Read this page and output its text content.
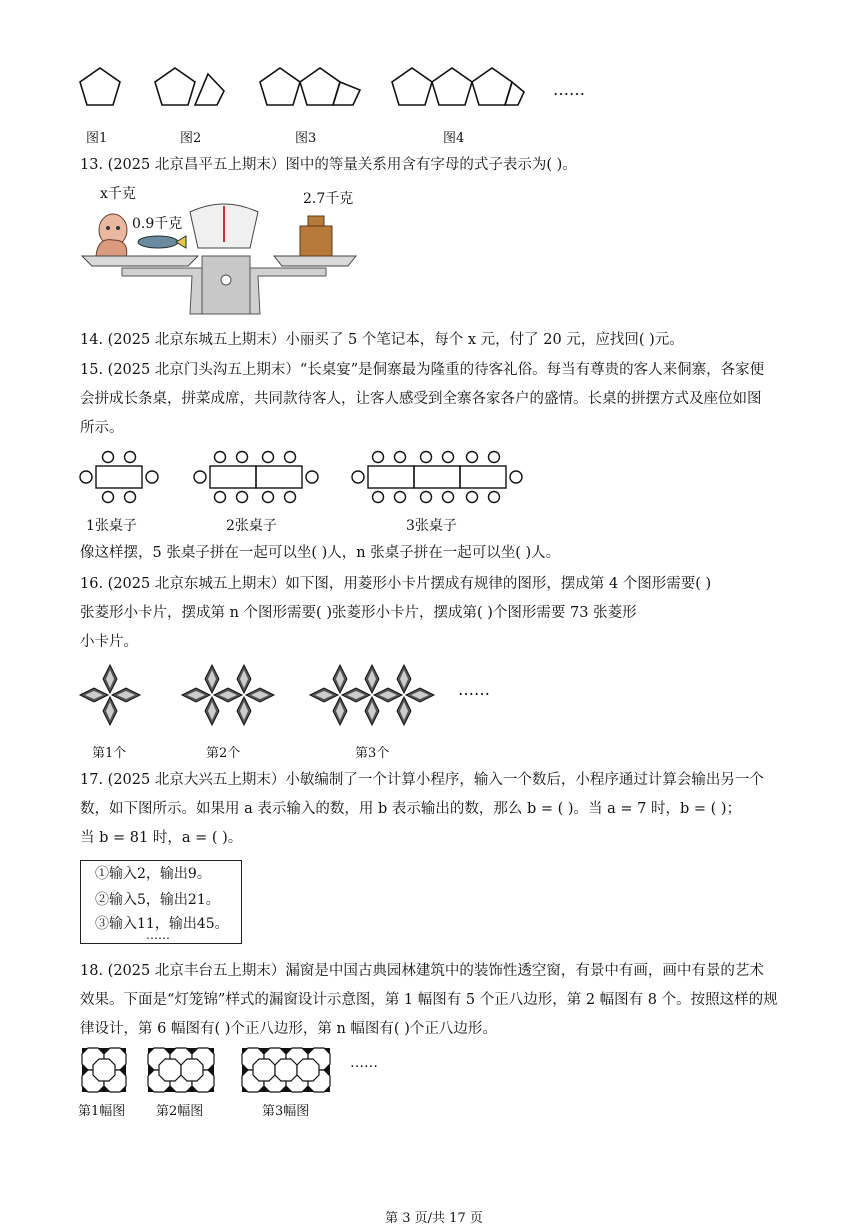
图1	图2	图3	图4
……
13. (2025 北京昌平五上期末）图中的等量关系用含有字母的式子表示为( )。
x千克
0.9千克
2.7千克
14. (2025 北京东城五上期末）小丽买了 5 个笔记本，每个 x 元，付了 20 元，应找回( )元。
15. (2025 北京门头沟五上期末）“长桌宴”是侗寨最为隆重的待客礼俗。每当有尊贵的客人来侗寨，各家便
会拼成长条桌，拼菜成席，共同款待客人，让客人感受到全寨各家各户的盛情。长桌的拼摆方式及座位如图
所示。
1张桌子	2张桌子	3张桌子
像这样摆，5 张桌子拼在一起可以坐( )人，n 张桌子拼在一起可以坐( )人。
16. (2025 北京东城五上期末）如下图，用菱形小卡片摆成有规律的图形，摆成第 4 个图形需要( )
张菱形小卡片，摆成第 n 个图形需要( )张菱形小卡片，摆成第( )个图形需要 73 张菱形
小卡片。
……
第1个	第2个	第3个
17. (2025 北京大兴五上期末）小敏编制了一个计算小程序，输入一个数后，小程序通过计算会输出另一个
数，如下图所示。如果用 a 表示输入的数，用 b 表示输出的数，那么 b = ( )。当 a = 7 时，b = ( )；
当 b = 81 时，a = ( )。
①输入2，输出9。
②输入5，输出21。
③输入11，输出45。
……
18. (2025 北京丰台五上期末）漏窗是中国古典园林建筑中的装饰性透空窗，有景中有画，画中有景的艺术
效果。下面是“灯笼锦”样式的漏窗设计示意图，第 1 幅图有 5 个正八边形，第 2 幅图有 8 个。按照这样的规
律设计，第 6 幅图有( )个正八边形，第 n 幅图有( )个正八边形。
……
第1幅图 第2幅图	第3幅图
第 3 页/共 17 页
